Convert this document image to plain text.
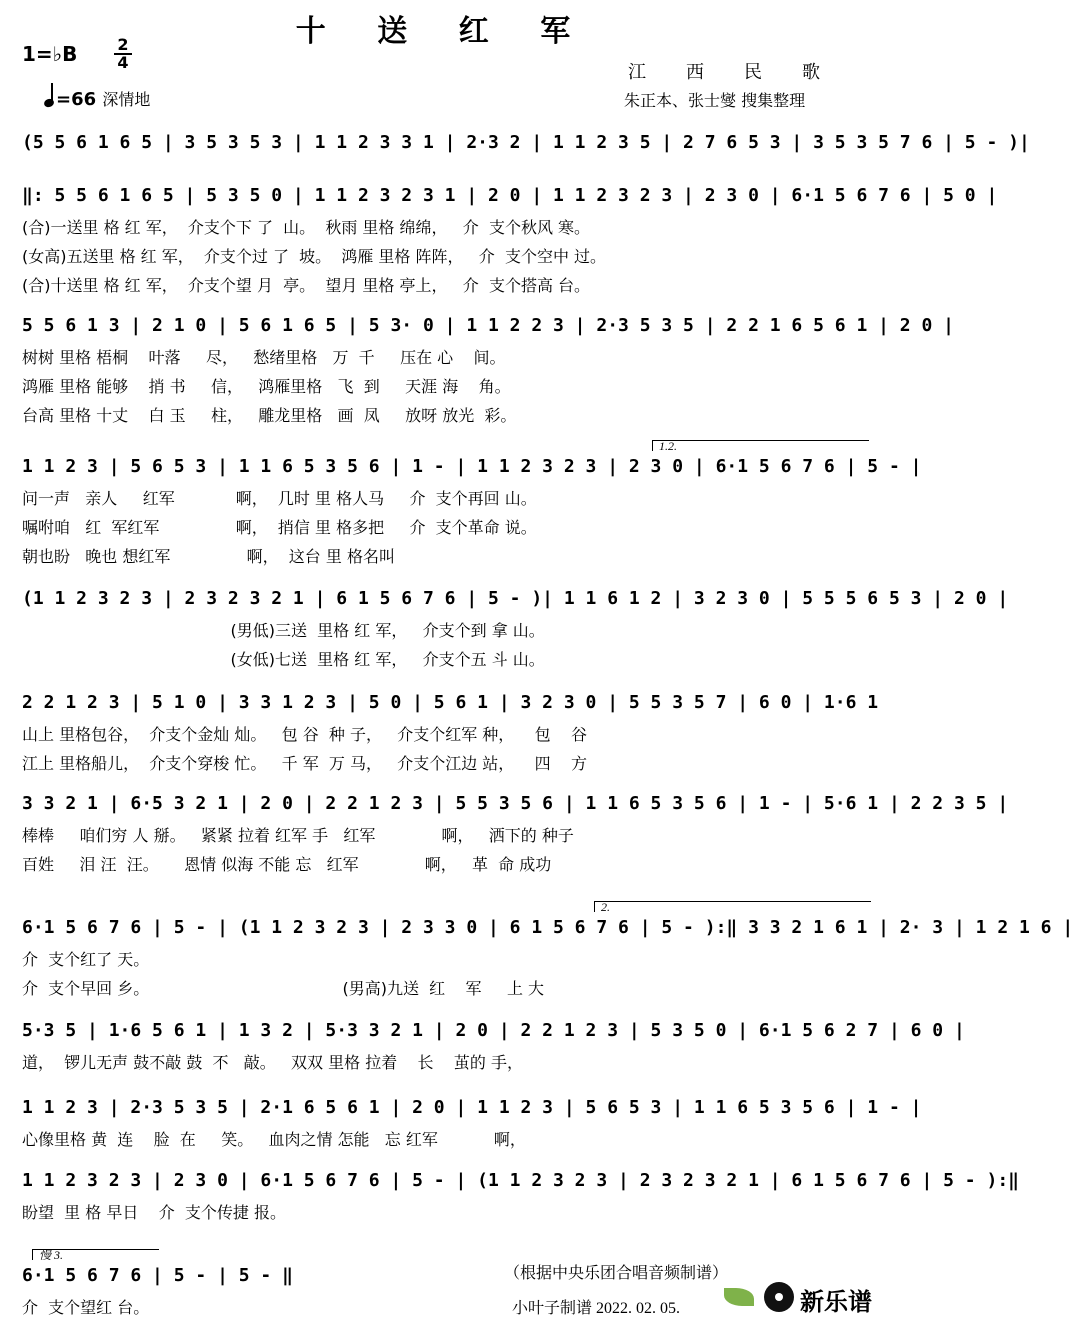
十 送 红 军
1=♭B	2
4
=66 深情地
江西民歌
朱正本、张士燮 搜集整理
(5 5 6 1 6 5 | 3 5 3 5 3 | 1 1 2 3 3 1 | 2·3 2 | 1 1 2 3 5 | 2 7 6 5 3 | 3 5 3 5 7 6 | 5 - )|
‖: 5 5 6 1 6 5 | 5 3 5 0 | 1 1 2 3 2 3 1 | 2 0 | 1 1 2 3 2 3 | 2 3 0 | 6·1 5 6 7 6 | 5 0 |
(合)一送里 格 红 军，  介支个下 了  山。  秋雨 里格 绵绵，   介  支个秋风 寒。
(女高)五送里 格 红 军，  介支个过 了  坡。  鸿雁 里格 阵阵，   介  支个空中 过。
(合)十送里 格 红 军，  介支个望 月  亭。  望月 里格 亭上，   介  支个搭高 台。
5 5 6 1 3 | 2 1 0 | 5 6 1 6 5 | 5 3· 0 | 1 1 2 2 3 | 2·3 5 3 5 | 2 2 1 6 5 6 1 | 2 0 |
树树 里格 梧桐    叶落     尽，   愁绪里格   万  千     压在 心    间。
鸿雁 里格 能够    捎 书     信，   鸿雁里格   飞  到     天涯 海    角。
台高 里格 十丈    白 玉     柱，   雕龙里格   画  凤     放呀 放光  彩。
1.2.
1 1 2 3 | 5 6 5 3 | 1 1 6 5 3 5 6 | 1 - | 1 1 2 3 2 3 | 2 3 0 | 6·1 5 6 7 6 | 5 - |
问一声   亲人     红军            啊，  几时 里 格人马     介  支个再回 山。
嘱咐咱   红  军红军               啊，  捎信 里 格多把     介  支个革命 说。
朝也盼   晚也 想红军               啊，  这台 里 格名叫
(1 1 2 3 2 3 | 2 3 2 3 2 1 | 6 1 5 6 7 6 | 5 - )| 1 1 6 1 2 | 3 2 3 0 | 5 5 5 6 5 3 | 2 0 |
(男低)三送  里格 红 军，   介支个到 拿 山。
(女低)七送  里格 红 军，   介支个五 斗 山。
2 2 1 2 3 | 5 1 0 | 3 3 1 2 3 | 5 0 | 5 6 1 | 3 2 3 0 | 5 5 3 5 7 | 6 0 | 1·6 1
山上 里格包谷，  介支个金灿 灿。   包 谷  种 子，   介支个红军 种，    包    谷
江上 里格船儿，  介支个穿梭 忙。   千 军  万 马，   介支个江边 站，    四    方
3 3 2 1 | 6·5 3 2 1 | 2 0 | 2 2 1 2 3 | 5 5 3 5 6 | 1 1 6 5 3 5 6 | 1 - | 5·6 1 | 2 2 3 5 |
棒棒     咱们穷 人 掰。   紧紧 拉着 红军 手   红军             啊，   洒下的 种子
百姓     泪 汪  汪。     恩情 似海 不能 忘   红军             啊，   革  命 成功
2.
6·1 5 6 7 6 | 5 - | (1 1 2 3 2 3 | 2 3 3 0 | 6 1 5 6 7 6 | 5 - ):‖ 3 3 2 1 6 1 | 2· 3 | 1 2 1 6 |
介  支个红了 天。
介  支个早回 乡。                                      (男高)九送  红    军     上 大
5·3 5 | 1·6 5 6 1 | 1 3 2 | 5·3 3 2 1 | 2 0 | 2 2 1 2 3 | 5 3 5 0 | 6·1 5 6 2 7 | 6 0 |
道，  锣儿无声 鼓不敲 鼓  不   敲。   双双 里格 拉着    长    茧的 手，
1 1 2 3 | 2·3 5 3 5 | 2·1 6 5 6 1 | 2 0 | 1 1 2 3 | 5 6 5 3 | 1 1 6 5 3 5 6 | 1 - |
心像里格 黄  连    脸  在     笑。   血肉之情 怎能   忘 红军           啊，
1 1 2 3 2 3 | 2 3 0 | 6·1 5 6 7 6 | 5 - | (1 1 2 3 2 3 | 2 3 2 3 2 1 | 6 1 5 6 7 6 | 5 - ):‖
盼望  里 格 早日    介  支个传捷 报。
慢 3.
6·1 5 6 7 6 | 5 - | 5 - ‖
介  支个望红 台。
（根据中央乐团合唱音频制谱）
小叶子制谱 2022. 02. 05.	新乐谱
